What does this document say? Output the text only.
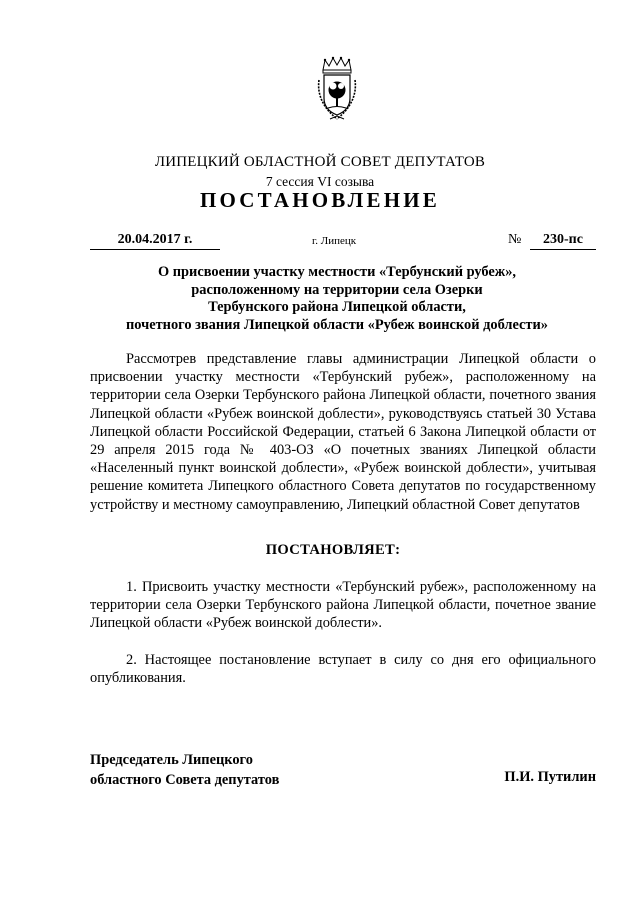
ЛИПЕЦКИЙ ОБЛАСТНОЙ СОВЕТ ДЕПУТАТОВ
7 сессия VI созыва
ПОСТАНОВЛЕНИЕ
20.04.2017 г.	г. Липецк	№	230-пс
О присвоении участку местности «Тербунский рубеж»,
расположенному на территории села Озерки
Тербунского района Липецкой области,
почетного звания Липецкой области «Рубеж воинской доблести»

Рассмотрев представление главы администрации Липецкой области о присвоении участку местности «Тербунский рубеж», расположенному на территории села Озерки Тербунского района Липецкой области, почетного звания Липецкой области «Рубеж воинской доблести», руководствуясь статьей 30 Устава Липецкой области Российской Федерации, статьей 6 Закона Липецкой области от 29 апреля 2015 года № 403-ОЗ «О почетных званиях Липецкой области «Населенный пункт воинской доблести», «Рубеж воинской доблести», учитывая решение комитета Липецкого областного Совета депутатов по государственному устройству и местному самоуправлению, Липецкий областной Совет депутатов

ПОСТАНОВЛЯЕТ:

1. Присвоить участку местности «Тербунский рубеж», расположенному на территории села Озерки Тербунского района Липецкой области, почетное звание Липецкой области «Рубеж воинской доблести».

2. Настоящее постановление вступает в силу со дня его официального опубликования.

Председатель Липецкого
областного Совета депутатов	П.И. Путилин
